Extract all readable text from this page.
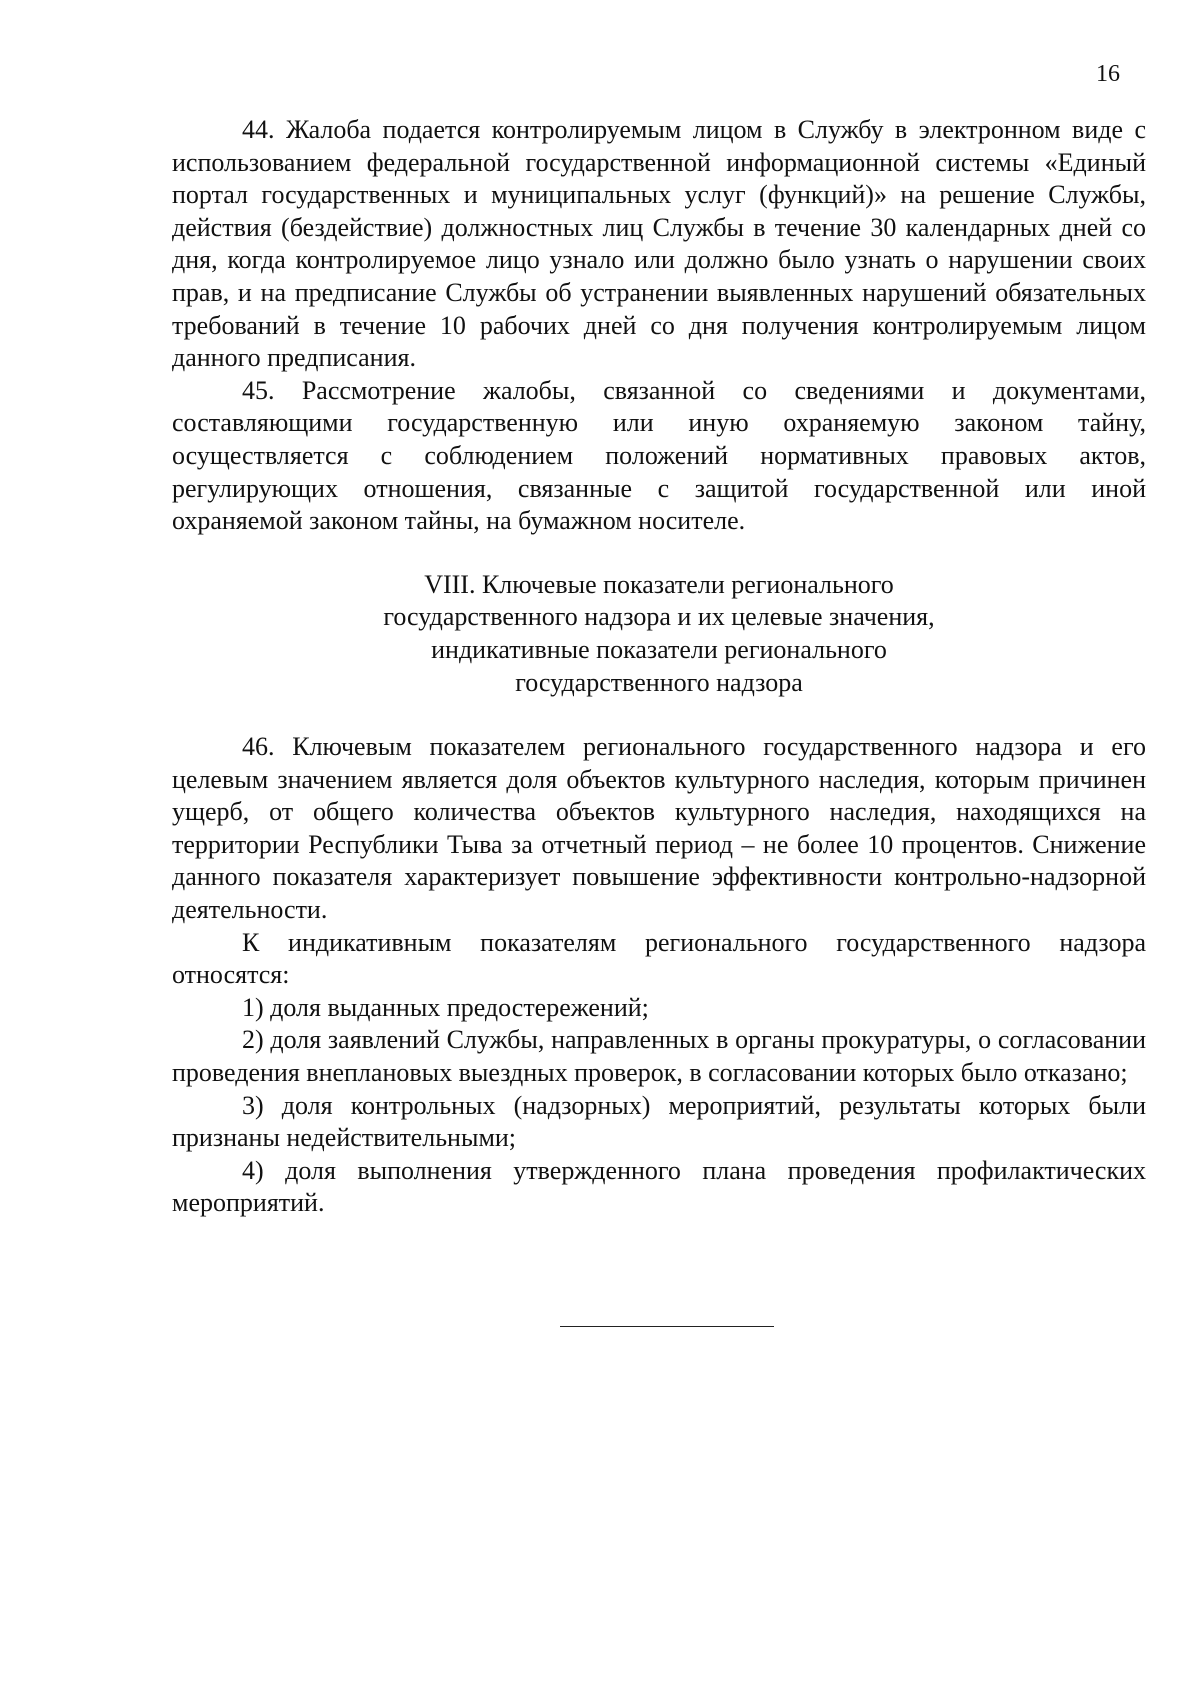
16

44. Жалоба подается контролируемым лицом в Службу в электронном виде с использованием федеральной государственной информационной системы «Единый портал государственных и муниципальных услуг (функций)» на решение Службы, действия (бездействие) должностных лиц Службы в течение 30 календарных дней со дня, когда контролируемое лицо узнало или должно было узнать о нарушении своих прав, и на предписание Службы об устранении выявленных нарушений обязательных требований в течение 10 рабочих дней со дня получения контролируемым лицом данного предписания.

45. Рассмотрение жалобы, связанной со сведениями и документами, составляющими государственную или иную охраняемую законом тайну, осуществляется с соблюдением положений нормативных правовых актов, регулирующих отношения, связанные с защитой государственной или иной охраняемой законом тайны, на бумажном носителе.

VIII. Ключевые показатели регионального
государственного надзора и их целевые значения,
индикативные показатели регионального
государственного надзора

46. Ключевым показателем регионального государственного надзора и его целевым значением является доля объектов культурного наследия, которым причинен ущерб, от общего количества объектов культурного наследия, находящихся на территории Республики Тыва за отчетный период – не более 10 процентов. Снижение данного показателя характеризует повышение эффективности контрольно-надзорной деятельности.

К индикативным показателям регионального государственного надзора относятся:

1) доля выданных предостережений;

2) доля заявлений Службы, направленных в органы прокуратуры, о согласовании проведения внеплановых выездных проверок, в согласовании которых было отказано;

3) доля контрольных (надзорных) мероприятий, результаты которых были признаны недействительными;

4) доля выполнения утвержденного плана проведения профилактических мероприятий.
